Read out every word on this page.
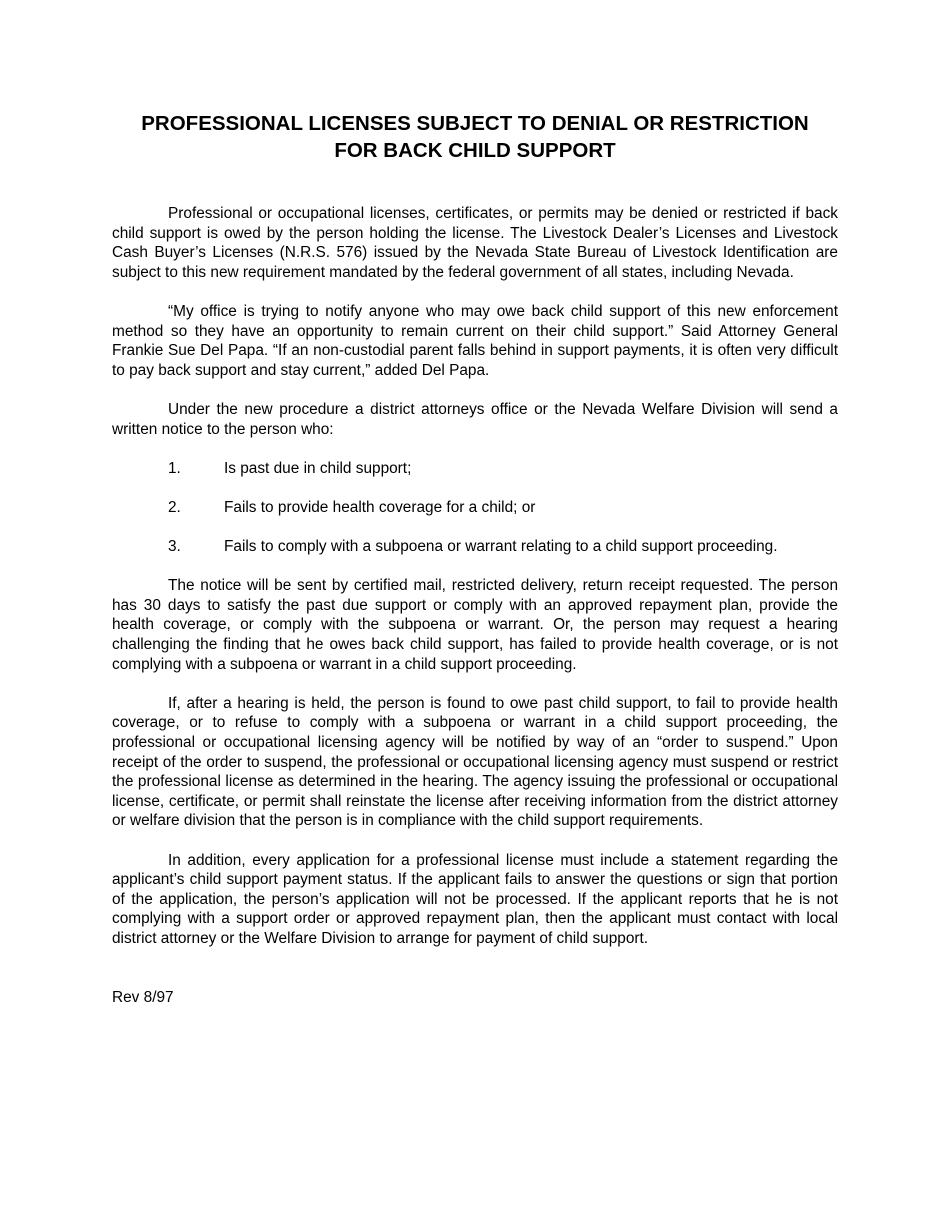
PROFESSIONAL LICENSES SUBJECT TO DENIAL OR RESTRICTION
FOR BACK CHILD SUPPORT

Professional or occupational licenses, certificates, or permits may be denied or restricted if back child support is owed by the person holding the license. The Livestock Dealer’s Licenses and Livestock Cash Buyer’s Licenses (N.R.S. 576) issued by the Nevada State Bureau of Livestock Identification are subject to this new requirement mandated by the federal government of all states, including Nevada.

“My office is trying to notify anyone who may owe back child support of this new enforcement method so they have an opportunity to remain current on their child support.” Said Attorney General Frankie Sue Del Papa. “If an non-custodial parent falls behind in support payments, it is often very difficult to pay back support and stay current,” added Del Papa.

Under the new procedure a district attorneys office or the Nevada Welfare Division will send a written notice to the person who:

1.	Is past due in child support;
2.	Fails to provide health coverage for a child; or
3.	Fails to comply with a subpoena or warrant relating to a child support proceeding.

The notice will be sent by certified mail, restricted delivery, return receipt requested. The person has 30 days to satisfy the past due support or comply with an approved repayment plan, provide the health coverage, or comply with the subpoena or warrant. Or, the person may request a hearing challenging the finding that he owes back child support, has failed to provide health coverage, or is not complying with a subpoena or warrant in a child support proceeding.

If, after a hearing is held, the person is found to owe past child support, to fail to provide health coverage, or to refuse to comply with a subpoena or warrant in a child support proceeding, the professional or occupational licensing agency will be notified by way of an “order to suspend.” Upon receipt of the order to suspend, the professional or occupational licensing agency must suspend or restrict the professional license as determined in the hearing. The agency issuing the professional or occupational license, certificate, or permit shall reinstate the license after receiving information from the district attorney or welfare division that the person is in compliance with the child support requirements.

In addition, every application for a professional license must include a statement regarding the applicant’s child support payment status. If the applicant fails to answer the questions or sign that portion of the application, the person’s application will not be processed. If the applicant reports that he is not complying with a support order or approved repayment plan, then the applicant must contact with local district attorney or the Welfare Division to arrange for payment of child support.

Rev 8/97
